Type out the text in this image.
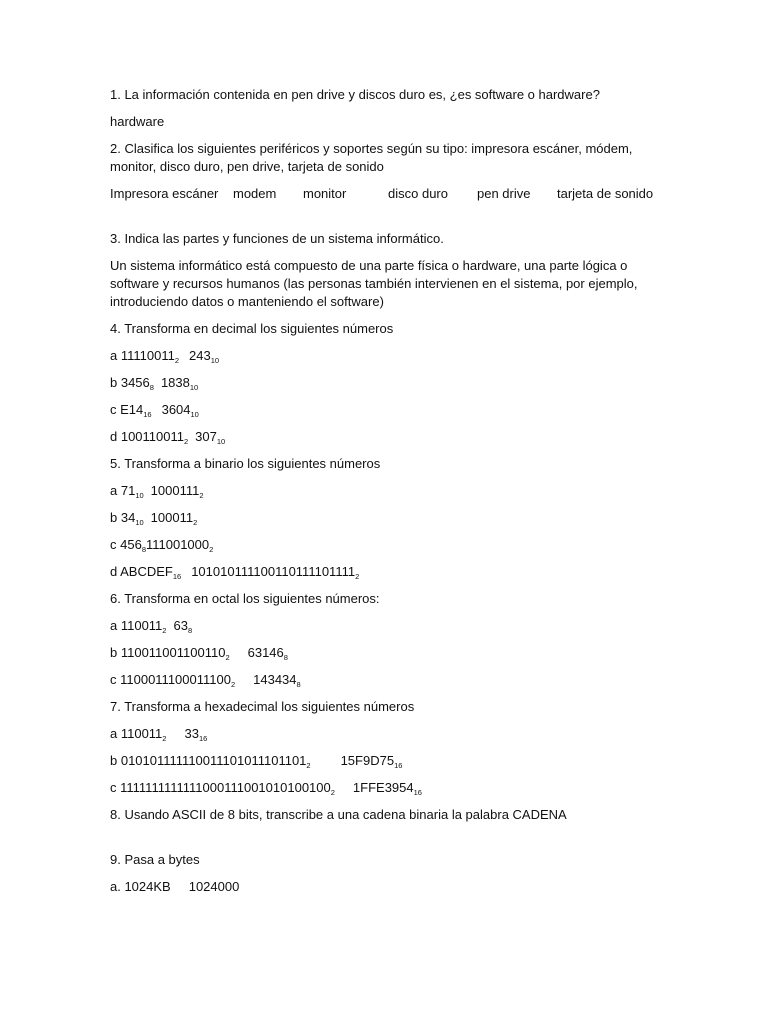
1. La información contenida en pen drive y discos duro es, ¿es software o hardware?

hardware

2. Clasifica los siguientes periféricos y soportes según su tipo: impresora escáner, módem, monitor, disco duro, pen drive, tarjeta de sonido

Impresora escáner	modem	monitor	disco duro	pen drive	tarjeta de sonido

3. Indica las partes y funciones de un sistema informático.

Un sistema informático está compuesto de una parte física o hardware, una parte lógica o software y recursos humanos (las personas también intervienen en el sistema, por ejemplo, introduciendo datos o manteniendo el software)

4. Transforma en decimal los siguientes números

a $11110011_2$ $243_{10}$

b $3456_8$ $1838_{10}$

c $E14_{16}$ $3604_{10}$

d $100110011_2$ $307_{10}$

5. Transforma a binario los siguientes números

a $71_{10}$ $1000111_2$

b $34_{10}$ $100011_2$

c $456_8111001000_2$

d $ABCDEF_{16}$ $101010111100110111101111_2$

6. Transforma en octal los siguientes números:

a $110011_2$ $63_8$

b $110011001100110_2$ $63146_8$

c $1100011100011100_2$ $143434_8$

7. Transforma a hexadecimal los siguientes números

a $110011_2$ $33_{16}$

b $010101111110011101011101101_2$ $15F9D75_{16}$

c $1111111111111000111001010100100_2$ $1FFE3954_{16}$

8. Usando ASCII de 8 bits, transcribe a una cadena binaria la palabra CADENA

9. Pasa a bytes

a. 1024KB 1024000
